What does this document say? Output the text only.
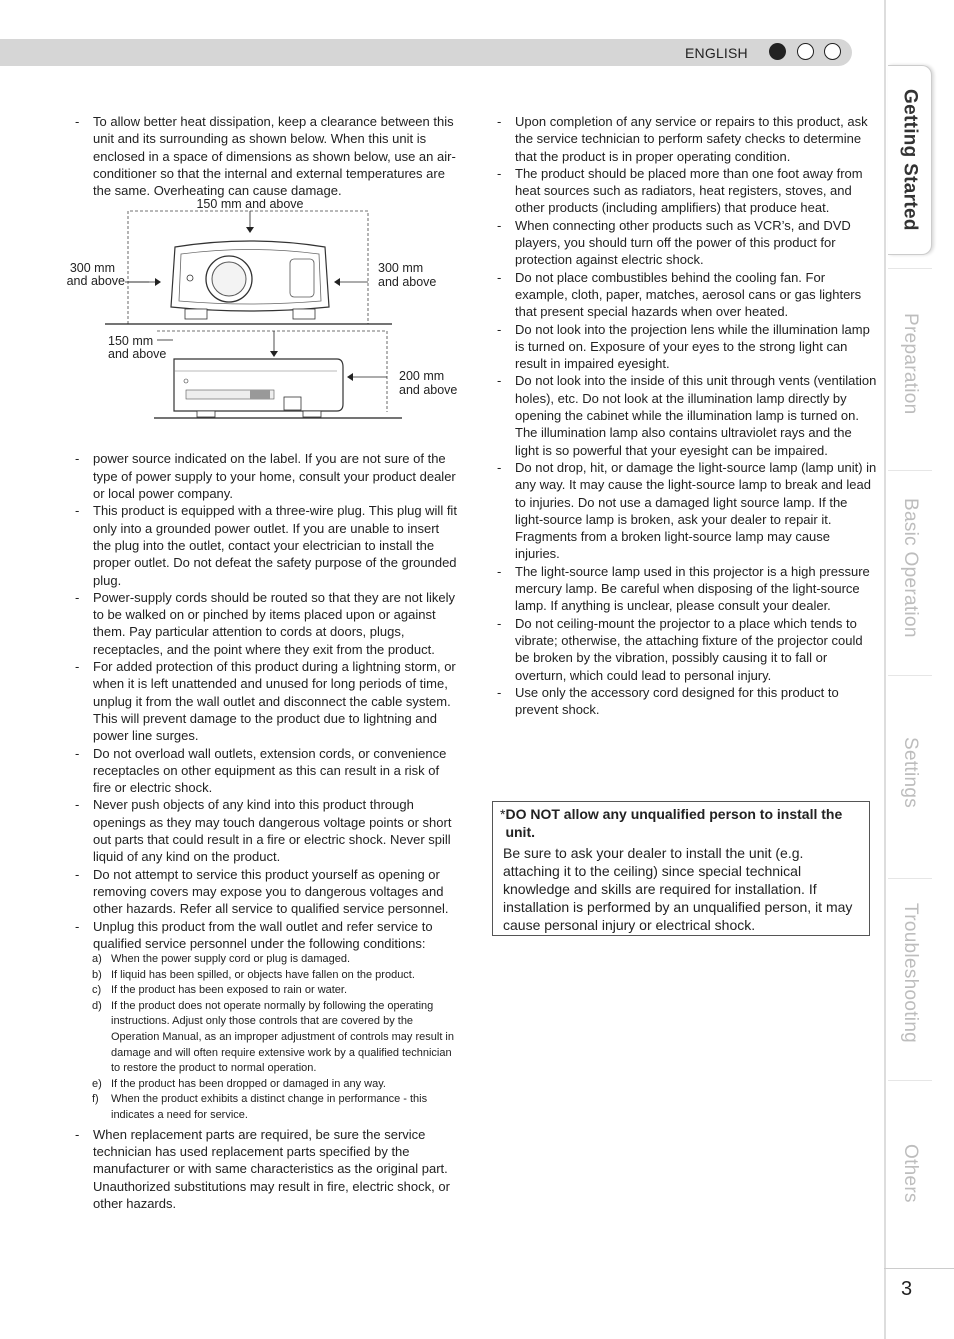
ENGLISH
Getting Started
Preparation
Basic Operation
Settings
Troubleshooting
Others
3
-	To allow better heat dissipation, keep a clearance between this unit and its surrounding as shown below. When this unit is enclosed in a space of dimensions as shown below, use an air-conditioner so that the internal and external temperatures are the same. Overheating can cause damage.
150 mm and above
300 mm
and above
300 mm
and above
150 mm
and above
200 mm
and above
-	power source indicated on the label. If you are not sure of the type of power supply to your home, consult your product dealer or local power company.
-	This product is equipped with a three-wire plug. This plug will fit only into a grounded power outlet. If you are unable to insert the plug into the outlet, contact your electrician to install the proper outlet. Do not defeat the safety purpose of the grounded plug.
-	Power-supply cords should be routed so that they are not likely to be walked on or pinched by items placed upon or against them. Pay particular attention to cords at doors, plugs, receptacles, and the point where they exit from the product.
-	For added protection of this product during a lightning storm, or when it is left unattended and unused for long periods of time, unplug it from the wall outlet and disconnect the cable system. This will prevent damage to the product due to lightning and power line surges.
-	Do not overload wall outlets, extension cords, or convenience receptacles on other equipment as this can result in a risk of fire or electric shock.
-	Never push objects of any kind into this product through openings as they may touch dangerous voltage points or short out parts that could result in a fire or electric shock. Never spill liquid of any kind on the product.
-	Do not attempt to service this product yourself as opening or removing covers may expose you to dangerous voltages and other hazards. Refer all service to qualified service personnel.
-	Unplug this product from the wall outlet and refer service to qualified service personnel under the following conditions:
a) When the power supply cord or plug is damaged.
b) If liquid has been spilled, or objects have fallen on the product.
c) If the product has been exposed to rain or water.
d) If the product does not operate normally by following the operating instructions. Adjust only those controls that are covered by the Operation Manual, as an improper adjustment of controls may result in damage and will often require extensive work by a qualified technician to restore the product to normal operation.
e) If the product has been dropped or damaged in any way.
f)	When the product exhibits a distinct change in performance - this indicates a need for service.
-	When replacement parts are required, be sure the service technician has used replacement parts specified by the manufacturer or with same characteristics as the original part. Unauthorized substitutions may result in fire, electric shock, or other hazards.
-	Upon completion of any service or repairs to this product, ask the service technician to perform safety checks to determine that the product is in proper operating condition.
-	The product should be placed more than one foot away from heat sources such as radiators, heat registers, stoves, and other products (including amplifiers) that produce heat.
-	When connecting other products such as VCR’s, and DVD players, you should turn off the power of this product for protection against electric shock.
-	Do not place combustibles behind the cooling fan. For example, cloth, paper, matches, aerosol cans or gas lighters that present special hazards when over heated.
-	Do not look into the projection lens while the illumination lamp is turned on. Exposure of your eyes to the strong light can result in impaired eyesight.
-	Do not look into the inside of this unit through vents (ventilation holes), etc. Do not look at the illumination lamp directly by opening the cabinet while the illumination lamp is turned on. The illumination lamp also contains ultraviolet rays and the light is so powerful that your eyesight can be impaired.
-	Do not drop, hit, or damage the light-source lamp (lamp unit) in any way. It may cause the light-source lamp to break and lead to injuries. Do not use a damaged light source lamp. If the light-source lamp is broken, ask your dealer to repair it. Fragments from a broken light-source lamp may cause injuries.
-	The light-source lamp used in this projector is a high pressure mercury lamp. Be careful when disposing of the light-source lamp. If anything is unclear, please consult your dealer.
-	Do not ceiling-mount the projector to a place which tends to vibrate; otherwise, the attaching fixture of the projector could be broken by the vibration, possibly causing it to fall or overturn, which could lead to personal injury.
-	Use only the accessory cord designed for this product to prevent shock.
* DO NOT allow any unqualified person to install the unit.
Be sure to ask your dealer to install the unit (e.g. attaching it to the ceiling) since special technical knowledge and skills are required for installation. If installation is performed by an unqualified person, it may cause personal injury or electrical shock.
